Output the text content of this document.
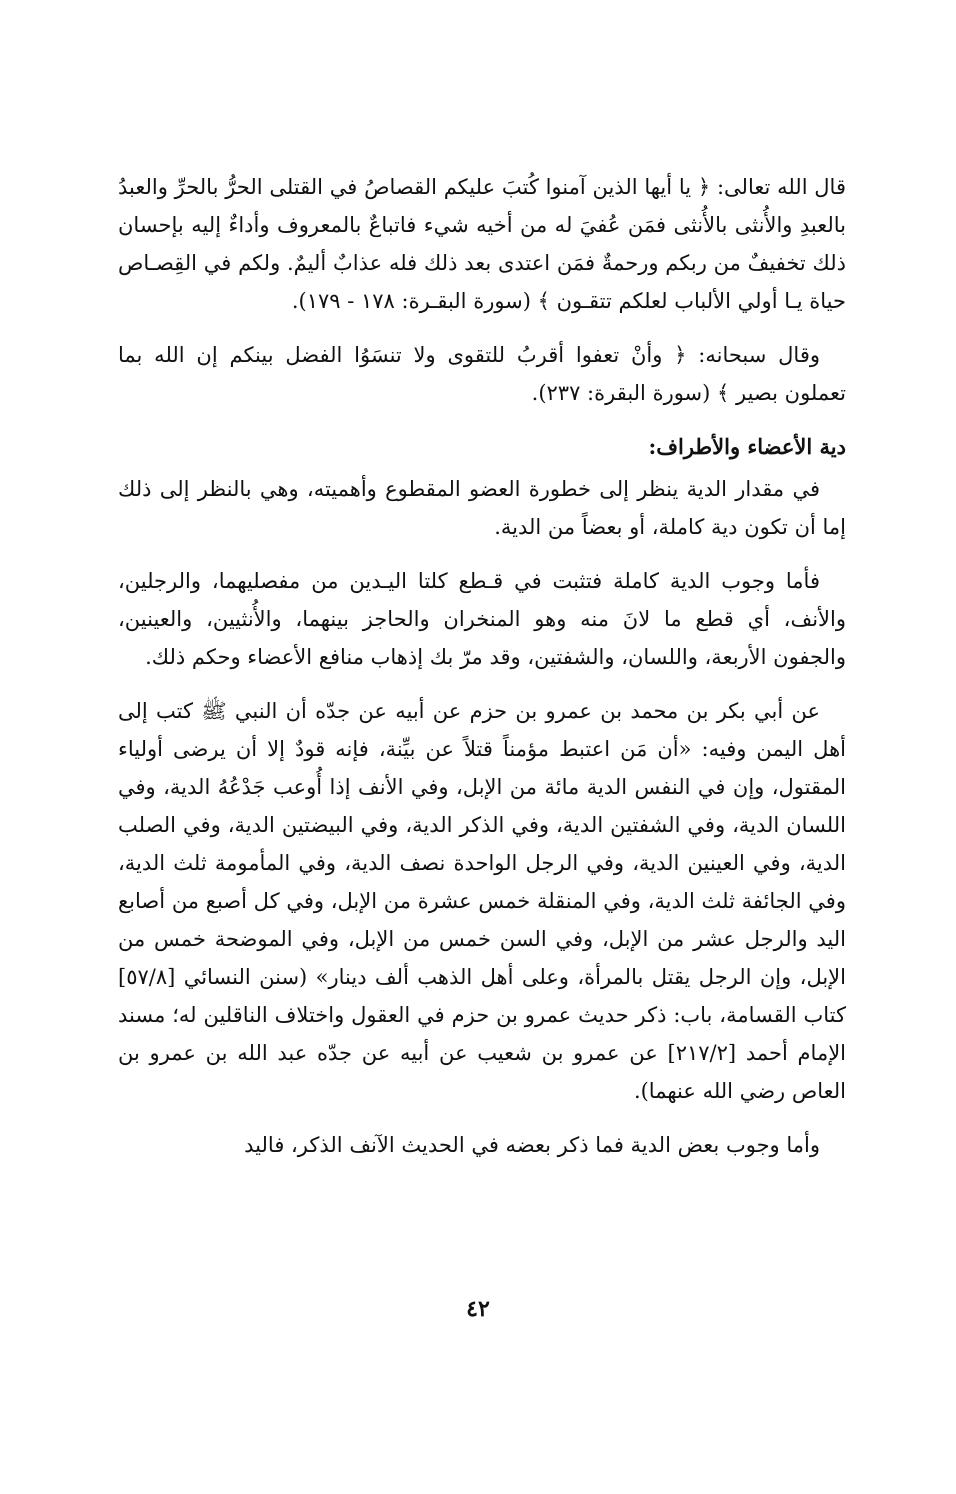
قال الله تعالى: ﴿ يا أيها الذين آمنوا كُتبَ عليكم القصاصُ في القتلى الحرُّ بالحرِّ والعبدُ بالعبدِ والأُنثى بالأُنثى فمَن عُفيَ له من أخيه شيء فاتباعٌ بالمعروف وأداءٌ إليه بإحسان ذلك تخفيفٌ من ربكم ورحمةٌ فمَن اعتدى بعد ذلك فله عذابٌ أليمٌ. ولكم في القِصـاص حياة يـا أولي الألباب لعلكم تتقـون ﴾ (سورة البقـرة: ١٧٨ - ١٧٩).

وقال سبحانه: ﴿ وأنْ تعفوا أقربُ للتقوى ولا تنسَوُا الفضل بينكم إن الله بما تعملون بصير ﴾ (سورة البقرة: ٢٣٧).

دية الأعضاء والأطراف:

في مقدار الدية ينظر إلى خطورة العضو المقطوع وأهميته، وهي بالنظر إلى ذلك إما أن تكون دية كاملة، أو بعضاً من الدية.

فأما وجوب الدية كاملة فتثبت في قـطع كلتا اليـدين من مفصليهما، والرجلين، والأنف، أي قطع ما لانَ منه وهو المنخران والحاجز بينهما، والأُنثيين، والعينين، والجفون الأربعة، واللسان، والشفتين، وقد مرّ بك إذهاب منافع الأعضاء وحكم ذلك.

عن أبي بكر بن محمد بن عمرو بن حزم عن أبيه عن جدّه أن النبي ﷺ كتب إلى أهل اليمن وفيه: «أن مَن اعتبط مؤمناً قتلاً عن بيِّنة، فإنه قودٌ إلا أن يرضى أولياء المقتول، وإن في النفس الدية مائة من الإبل، وفي الأنف إذا أُوعب جَدْعُهُ الدية، وفي اللسان الدية، وفي الشفتين الدية، وفي الذكر الدية، وفي البيضتين الدية، وفي الصلب الدية، وفي العينين الدية، وفي الرجل الواحدة نصف الدية، وفي المأمومة ثلث الدية، وفي الجائفة ثلث الدية، وفي المنقلة خمس عشرة من الإبل، وفي كل أصبع من أصابع اليد والرجل عشر من الإبل، وفي السن خمس من الإبل، وفي الموضحة خمس من الإبل، وإن الرجل يقتل بالمرأة، وعلى أهل الذهب ألف دينار» (سنن النسائي [٥٧/٨] كتاب القسامة، باب: ذكر حديث عمرو بن حزم في العقول واختلاف الناقلين له؛ مسند الإمام أحمد [٢١٧/٢] عن عمرو بن شعيب عن أبيه عن جدّه عبد الله بن عمرو بن العاص رضي الله عنهما).

وأما وجوب بعض الدية فما ذكر بعضه في الحديث الآنف الذكر، فاليد

٤٢
